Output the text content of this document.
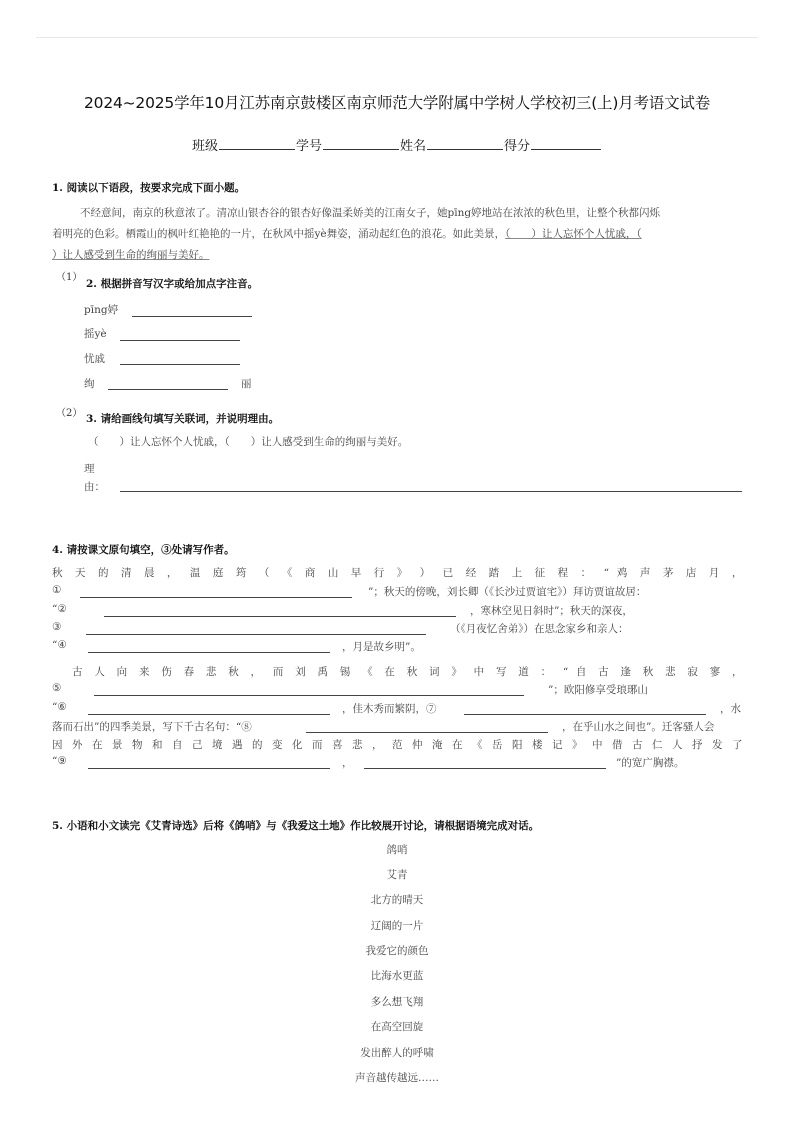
2024~2025学年10月江苏南京鼓楼区南京师范大学附属中学树人学校初三(上)月考语文试卷
班级	学号	姓名	得分
1. 阅读以下语段，按要求完成下面小题。
不经意间，南京的秋意浓了。清凉山银杏谷的银杏好像温柔娇美的江南女子，她pīng婷地站在浓浓的秋色里，让整个秋都闪烁
着明亮的色彩。栖霞山的枫叶红艳艳的一片，在秋风中摇yè舞姿，涌动起红色的浪花。如此美景，（　　）让人忘怀个人忧戚，（
）让人感受到生命的绚丽与美好。
（1）
2. 根据拼音写汉字或给加点字注音。
pīng婷
摇yè
忧戚
绚	丽
（2） 3. 请给画线句填写关联词，并说明理由。
（　　）让人忘怀个人忧戚，（　　）让人感受到生命的绚丽与美好。
理
由：
4. 请按课文原句填空，③处请写作者。
秋 天 的 清 晨 ， 温 庭 筠 （ 《 商 山 早 行 》 ） 已 经 踏 上 征 程 ： “ 鸡 声 茅 店 月 ，
①	”；秋天的傍晚，刘长卿（《长沙过贾谊宅》）拜访贾谊故居：
“②	，寒林空见日斜时”；秋天的深夜，
③	（《月夜忆舍弟》）在思念家乡和亲人：
“④	，月是故乡明”。
古 人 向 来 伤 春 悲 秋 ， 而 刘 禹 锡 《 在 秋 词 》 中 写 道 ： “ 自 古 逢 秋 悲 寂 寥 ，
⑤	”；欧阳修享受琅琊山
“⑥	，佳木秀而繁阴，⑦	，水
落而石出”的四季美景，写下千古名句：“⑧	，在乎山水之间也”。迁客骚人会
因 外 在 景 物 和 自 己 境 遇 的 变 化 而 喜 悲 ， 范 仲 淹 在 《 岳 阳 楼 记 》 中 借 古 仁 人 抒 发 了
“⑨	，	”的宽广胸襟。
5. 小语和小文读完《艾青诗选》后将《鸽哨》与《我爱这土地》作比较展开讨论，请根据语境完成对话。
鸽哨
艾青
北方的晴天
辽阔的一片
我爱它的颜色
比海水更蓝
多么想飞翔
在高空回旋
发出醉人的呼啸
声音越传越远……
